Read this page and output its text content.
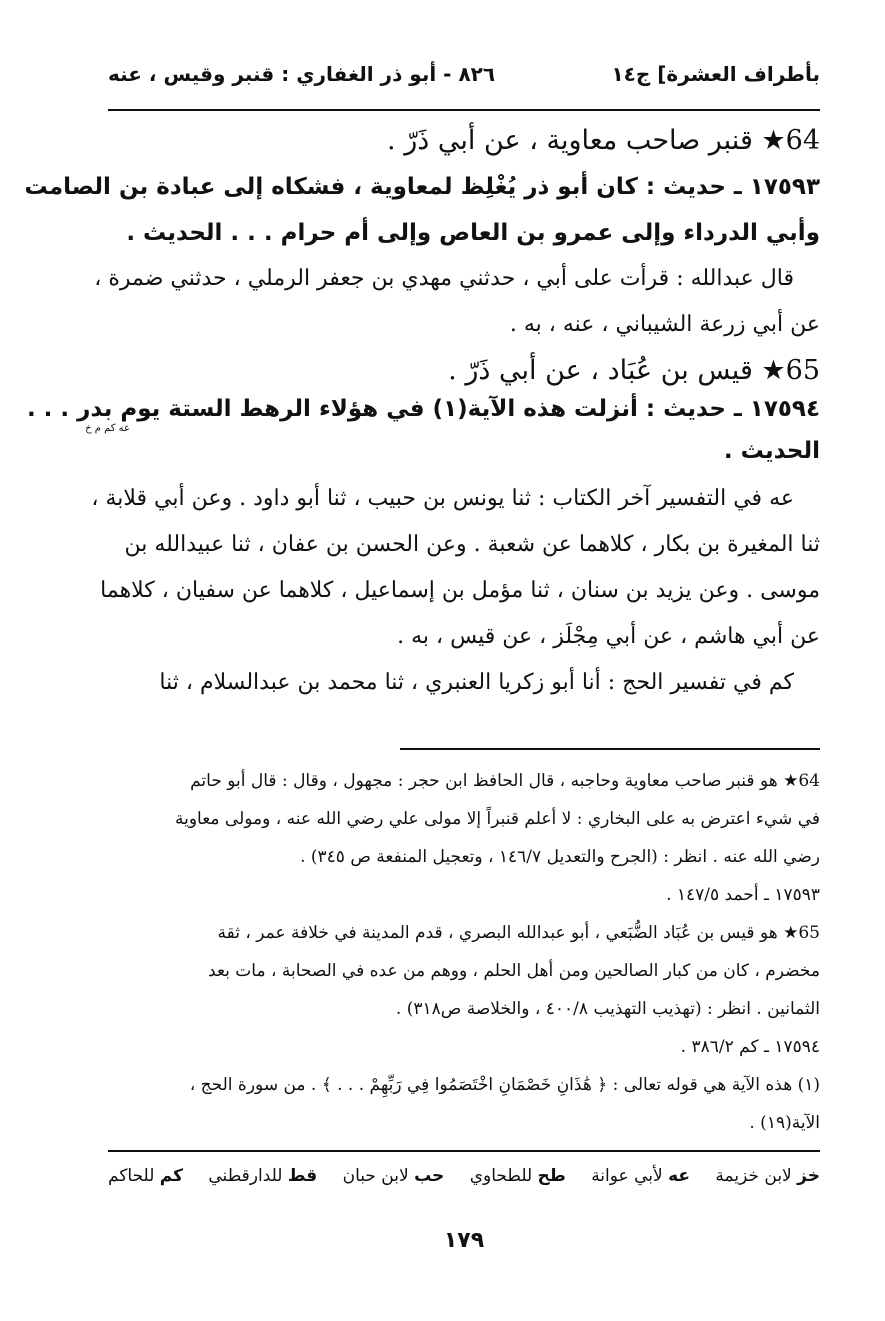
بأطراف العشرة] ج١٤
٨٢٦ - أبو ذر الغفاري : قنبر وقيس ، عنه
64★ قنبر صاحب معاوية ، عن أبي ذَرّ .
١٧٥٩٣ ـ حديث : كان أبو ذر يُغْلِظ لمعاوية ، فشكاه إلى عبادة بن الصامت
وأبي الدرداء وإلى عمرو بن العاص وإلى أم حرام . . . الحديث .
قال عبدالله : قرأت على أبي ، حدثني مهدي بن جعفر الرملي ، حدثني ضمرة ،
عن أبي زرعة الشيباني ، عنه ، به .
65★ قيس بن عُبَاد ، عن أبي ذَرّ .
١٧٥٩٤ ـ حديث : أنزلت هذه الآية(١) في هؤلاء الرهط الستة يوم بدر . . .
عه كم م خ
الحديث .
عه في التفسير آخر الكتاب : ثنا يونس بن حبيب ، ثنا أبو داود . وعن أبي قلابة ،
ثنا المغيرة بن بكار ، كلاهما عن شعبة . وعن الحسن بن عفان ، ثنا عبيدالله بن
موسى . وعن يزيد بن سنان ، ثنا مؤمل بن إسماعيل ، كلاهما عن سفيان ، كلاهما
عن أبي هاشم ، عن أبي مِجْلَز ، عن قيس ، به .
كم في تفسير الحج : أنا أبو زكريا العنبري ، ثنا محمد بن عبدالسلام ، ثنا
64★ هو قنبر صاحب معاوية وحاجبه ، قال الحافظ ابن حجر : مجهول ، وقال : قال أبو حاتم
في شيء اعترض به على البخاري : لا أعلم قنبراً إلا مولى علي رضي الله عنه ، ومولى معاوية
رضي الله عنه . انظر : (الجرح والتعديل ١٤٦/٧ ، وتعجيل المنفعة ص ٣٤٥) .
١٧٥٩٣ ـ أحمد ١٤٧/٥ .
65★ هو قيس بن عُبَاد الضُّبَعي ، أبو عبدالله البصري ، قدم المدينة في خلافة عمر ، ثقة
مخضرم ، كان من كبار الصالحين ومن أهل الحلم ، ووهم من عده في الصحابة ، مات بعد
الثمانين . انظر : (تهذيب التهذيب ٤٠٠/٨ ، والخلاصة ص٣١٨) .
١٧٥٩٤ ـ كم ٣٨٦/٢ .
(١) هذه الآية هي قوله تعالى : ﴿ هَٰذَانِ خَصْمَانِ اخْتَصَمُوا فِي رَبِّهِمْ . . . ﴾ . من سورة الحج ،
الآية(١٩) .
خز لابن خزيمة
عه لأبي عوانة
طح للطحاوي
حب لابن حبان
قط للدارقطني
كم للحاكم
١٧٩
